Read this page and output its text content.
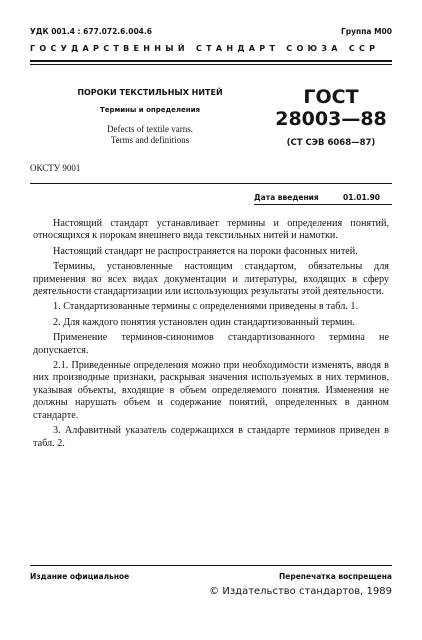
УДК 001.4 : 677.072.6.004.6	Группа М00
ГОСУДАРСТВЕННЫЙ СТАНДАРТ СОЮЗА ССР
ПОРОКИ ТЕКСТИЛЬНЫХ НИТЕЙ
Термины и определения
Defects of textile varns.
Terms and definitions
ГОСТ
28003—88
(СТ СЭВ 6068—87)
ОКСТУ 9001
Дата введения	01.01.90

Настоящий стандарт устанавливает термины и определения понятий, относящихся к порокам внешнего вида текстильных нитей и намотки.

Настоящий стандарт не распространяется на пороки фасонных нитей.

Термины, установленные настоящим стандартом, обязательны для применения во всех видах документации и литературы, входящих в сферу деятельности стандартизации или использующих результаты этой деятельности.

1. Стандартизованные термины с определениями приведены в табл. 1.

2. Для каждого понятия установлен один стандартизованный термин.

Применение терминов-синонимов стандартизованного термина не допускается.

2.1. Приведенные определения можно при необходимости изменять, вводя в них производные признаки, раскрывая значения используемых в них терминов, указывая объекты, входящие в объем определяемого понятия. Изменения не должны нарушать объем и содержание понятий, определенных в данном стандарте.

3. Алфавитный указатель содержащихся в стандарте терминов приведен в табл. 2.

Издание официальное	Перепечатка воспрещена
© Издательство стандартов, 1989
